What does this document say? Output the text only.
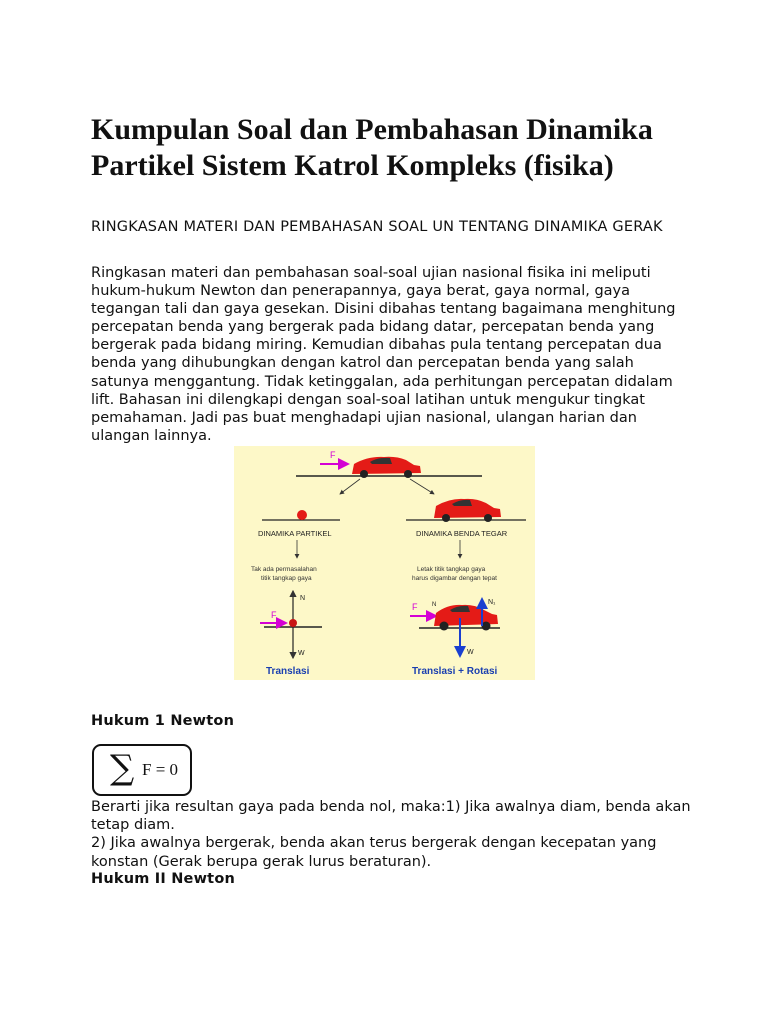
Kumpulan Soal dan Pembahasan Dinamika Partikel Sistem Katrol Kompleks (fisika)
RINGKASAN MATERI DAN PEMBAHASAN SOAL UN TENTANG DINAMIKA GERAK

Ringkasan materi dan pembahasan soal-soal ujian nasional fisika ini meliputi hukum-hukum Newton dan penerapannya, gaya berat, gaya normal, gaya tegangan tali dan gaya gesekan. Disini dibahas tentang bagaimana menghitung percepatan benda yang bergerak pada bidang datar, percepatan benda yang bergerak pada bidang miring. Kemudian dibahas pula tentang percepatan dua benda yang dihubungkan dengan katrol dan percepatan benda yang salah satunya menggantung. Tidak ketinggalan, ada perhitungan percepatan didalam lift. Bahasan ini dilengkapi dengan soal-soal latihan untuk mengukur tingkat pemahaman. Jadi pas buat menghadapi ujian nasional, ulangan harian dan ulangan lainnya.

F
DINAMIKA PARTIKEL	DINAMIKA BENDA TEGAR
Tak ada permasalahan
titik tangkap gaya
Letak titik tangkap gaya
harus digambar dengan tepat
N
W
F
F N	N₁
W
Translasi	Translasi + Rotasi
Hukum 1 Newton
∑ F = 0
Berarti jika resultan gaya pada benda nol, maka:1) Jika awalnya diam, benda akan tetap diam.
2) Jika awalnya bergerak, benda akan terus bergerak dengan kecepatan yang konstan (Gerak berupa gerak lurus beraturan).
Hukum II Newton
